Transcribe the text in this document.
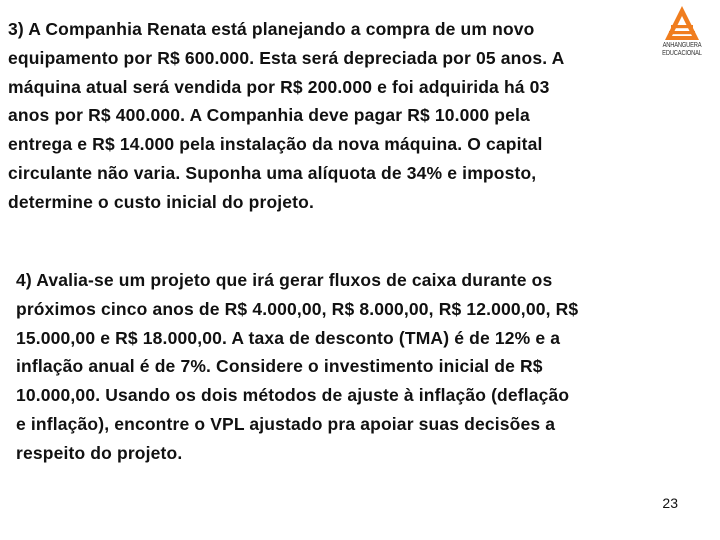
ANHANGUERA
EDUCACIONAL
3) A Companhia Renata está planejando a compra de um novo
equipamento por R$ 600.000. Esta será depreciada por 05 anos. A
máquina atual será vendida por R$ 200.000 e foi adquirida há 03
anos por R$ 400.000. A Companhia deve pagar R$ 10.000 pela
entrega e R$ 14.000 pela instalação da nova máquina. O capital
circulante não varia. Suponha uma alíquota de 34% e imposto,
determine o custo inicial do projeto.
4) Avalia-se um projeto que irá gerar fluxos de caixa durante os
próximos cinco anos de R$ 4.000,00, R$ 8.000,00, R$ 12.000,00, R$
15.000,00 e R$ 18.000,00. A taxa de desconto (TMA) é de 12% e a
inflação anual é de 7%. Considere o investimento inicial de R$
10.000,00. Usando os dois métodos de ajuste à inflação (deflação
e inflação), encontre o VPL ajustado pra apoiar suas decisões a
respeito do projeto.
23
